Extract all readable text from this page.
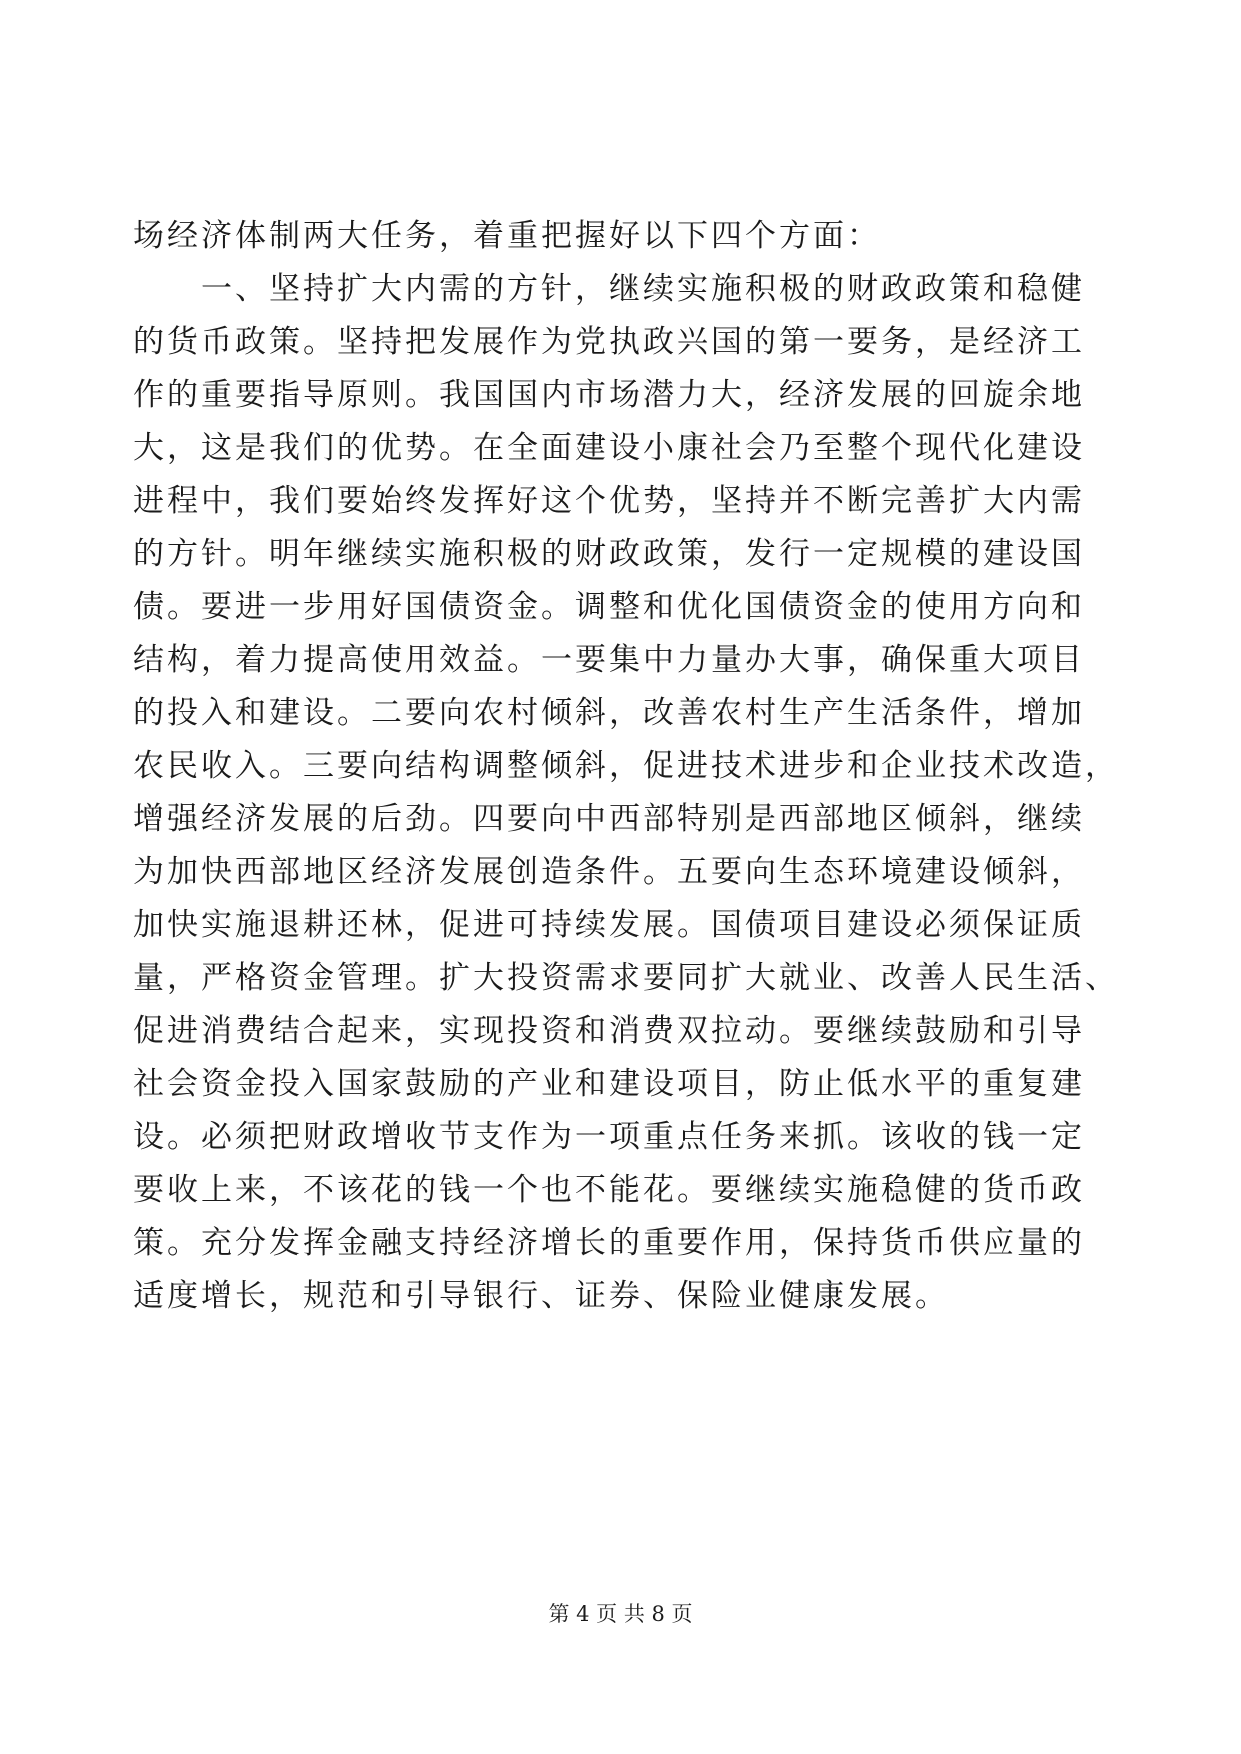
场经济体制两大任务，着重把握好以下四个方面：
　　一、坚持扩大内需的方针，继续实施积极的财政政策和稳健
的货币政策。坚持把发展作为党执政兴国的第一要务，是经济工
作的重要指导原则。我国国内市场潜力大，经济发展的回旋余地
大，这是我们的优势。在全面建设小康社会乃至整个现代化建设
进程中，我们要始终发挥好这个优势，坚持并不断完善扩大内需
的方针。明年继续实施积极的财政政策，发行一定规模的建设国
债。要进一步用好国债资金。调整和优化国债资金的使用方向和
结构，着力提高使用效益。一要集中力量办大事，确保重大项目
的投入和建设。二要向农村倾斜，改善农村生产生活条件，增加
农民收入。三要向结构调整倾斜，促进技术进步和企业技术改造，
增强经济发展的后劲。四要向中西部特别是西部地区倾斜，继续
为加快西部地区经济发展创造条件。五要向生态环境建设倾斜，
加快实施退耕还林，促进可持续发展。国债项目建设必须保证质
量，严格资金管理。扩大投资需求要同扩大就业、改善人民生活、
促进消费结合起来，实现投资和消费双拉动。要继续鼓励和引导
社会资金投入国家鼓励的产业和建设项目，防止低水平的重复建
设。必须把财政增收节支作为一项重点任务来抓。该收的钱一定
要收上来，不该花的钱一个也不能花。要继续实施稳健的货币政
策。充分发挥金融支持经济增长的重要作用，保持货币供应量的
适度增长，规范和引导银行、证券、保险业健康发展。
第 4 页 共 8 页
